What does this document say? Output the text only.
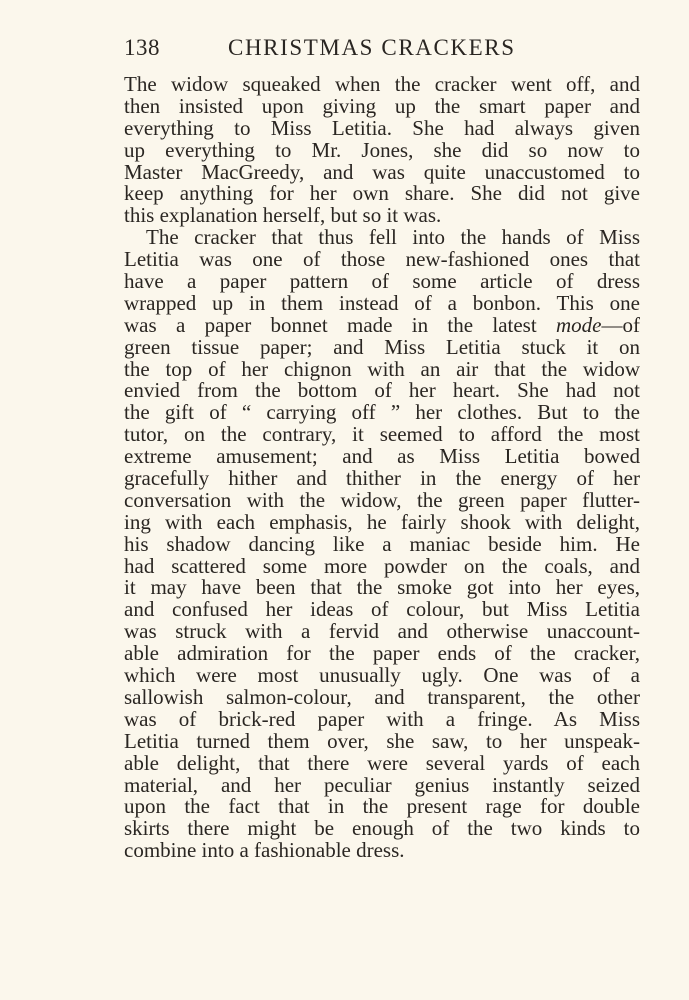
138	CHRISTMAS CRACKERS
The widow squeaked when the cracker went off, and
then insisted upon giving up the smart paper and
everything to Miss Letitia. She had always given
up everything to Mr. Jones, she did so now to
Master MacGreedy, and was quite unaccustomed to
keep anything for her own share. She did not give
this explanation herself, but so it was.
The cracker that thus fell into the hands of Miss
Letitia was one of those new-fashioned ones that
have a paper pattern of some article of dress
wrapped up in them instead of a bonbon. This one
was a paper bonnet made in the latest mode—of
green tissue paper; and Miss Letitia stuck it on
the top of her chignon with an air that the widow
envied from the bottom of her heart. She had not
the gift of “ carrying off ” her clothes. But to the
tutor, on the contrary, it seemed to afford the most
extreme amusement; and as Miss Letitia bowed
gracefully hither and thither in the energy of her
conversation with the widow, the green paper flutter-
ing with each emphasis, he fairly shook with delight,
his shadow dancing like a maniac beside him. He
had scattered some more powder on the coals, and
it may have been that the smoke got into her eyes,
and confused her ideas of colour, but Miss Letitia
was struck with a fervid and otherwise unaccount-
able admiration for the paper ends of the cracker,
which were most unusually ugly. One was of a
sallowish salmon-colour, and transparent, the other
was of brick-red paper with a fringe. As Miss
Letitia turned them over, she saw, to her unspeak-
able delight, that there were several yards of each
material, and her peculiar genius instantly seized
upon the fact that in the present rage for double
skirts there might be enough of the two kinds to
combine into a fashionable dress.
